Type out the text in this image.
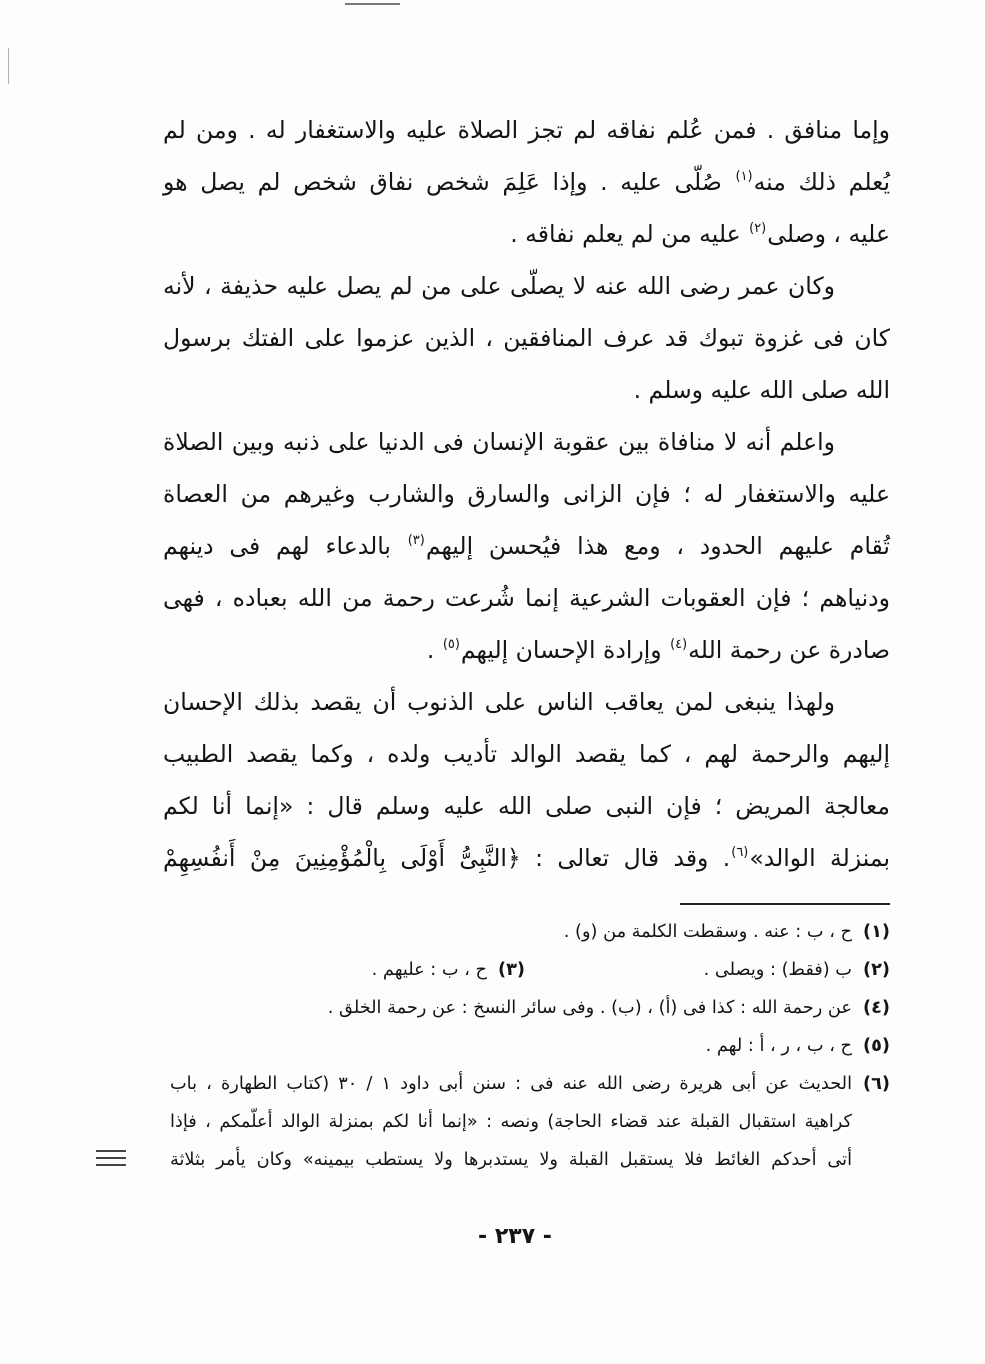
وإما منافق . فمن عُلم نفاقه لم تجز الصلاة عليه والاستغفار له . ومن لم
يُعلم ذلك منه$^{(١)}$ صُلّى عليه . وإذا عَلِمَ شخص نفاق شخص لم يصل هو
عليه ، وصلى$^{(٢)}$ عليه من لم يعلم نفاقه .
وكان عمر رضى الله عنه لا يصلّى على من لم يصل عليه حذيفة ، لأنه
كان فى غزوة تبوك قد عرف المنافقين ، الذين عزموا على الفتك برسول
الله صلى الله عليه وسلم .
واعلم أنه لا منافاة بين عقوبة الإنسان فى الدنيا على ذنبه وبين الصلاة
عليه والاستغفار له ؛ فإن الزانى والسارق والشارب وغيرهم من العصاة
تُقام عليهم الحدود ، ومع هذا فيُحسن إليهم$^{(٣)}$ بالدعاء لهم فى دينهم
ودنياهم ؛ فإن العقوبات الشرعية إنما شُرعت رحمة من الله بعباده ، فهى
صادرة عن رحمة الله$^{(٤)}$ وإرادة الإحسان إليهم$^{(٥)}$ .
ولهذا ينبغى لمن يعاقب الناس على الذنوب أن يقصد بذلك الإحسان
إليهم والرحمة لهم ، كما يقصد الوالد تأديب ولده ، وكما يقصد الطبيب
معالجة المريض ؛ فإن النبى صلى الله عليه وسلم قال : «إنما أنا لكم
بمنزلة الوالد»$^{(٦)}$. وقد قال تعالى : ﴿النَّبِىُّ أَوْلَى بِالْمُؤْمِنِينَ مِنْ أَنفُسِهِمْ
(١)
ح ، ب : عنه . وسقطت الكلمة من (و) .
(٢)
ب (فقط) : ويصلى .
(٣)
ح ، ب : عليهم .
(٤)
عن رحمة الله : كذا فى (أ) ، (ب) . وفى سائر النسخ : عن رحمة الخلق .
(٥)
ح ، ب ، ر ، أ : لهم .
(٦)
الحديث عن أبى هريرة رضى الله عنه فى : سنن أبى داود ١ / ٣٠ (كتاب الطهارة ، باب
كراهية استقبال القبلة عند قضاء الحاجة) ونصه : «إنما أنا لكم بمنزلة الوالد أعلّمكم ، فإذا
أتى أحدكم الغائط فلا يستقبل القبلة ولا يستدبرها ولا يستطب بيمينه» وكان يأمر بثلاثة
- ٢٣٧ -
